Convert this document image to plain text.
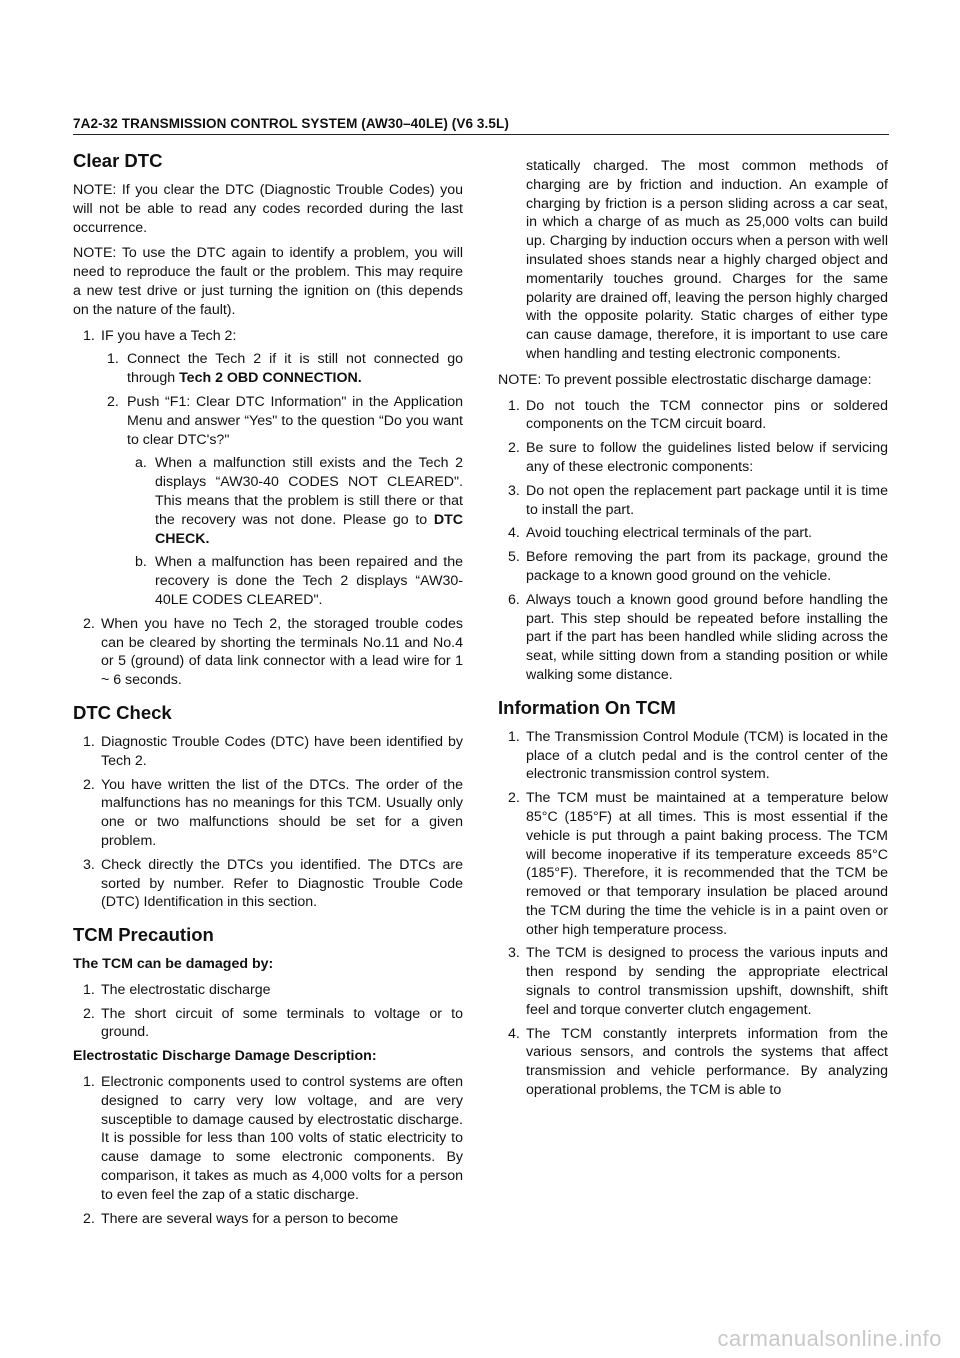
7A2-32 TRANSMISSION CONTROL SYSTEM (AW30–40LE) (V6 3.5L)
Clear DTC

NOTE: If you clear the DTC (Diagnostic Trouble Codes) you will not be able to read any codes recorded during the last occurrence.

NOTE: To use the DTC again to identify a problem, you will need to reproduce the fault or the problem. This may require a new test drive or just turning the ignition on (this depends on the nature of the fault).

1. IF you have a Tech 2:
1. Connect the Tech 2 if it is still not connected go through Tech 2 OBD CONNECTION.
2. Push “F1: Clear DTC Information" in the Application Menu and answer “Yes" to the question “Do you want to clear DTC's?"
a. When a malfunction still exists and the Tech 2 displays “AW30-40 CODES NOT CLEARED". This means that the problem is still there or that the recovery was not done. Please go to DTC CHECK.
b. When a malfunction has been repaired and the recovery is done the Tech 2 displays “AW30-40LE CODES CLEARED".
2. When you have no Tech 2, the storaged trouble codes can be cleared by shorting the terminals No.11 and No.4 or 5 (ground) of data link connector with a lead wire for 1 ~ 6 seconds.
DTC Check
1. Diagnostic Trouble Codes (DTC) have been identified by Tech 2.
2. You have written the list of the DTCs. The order of the malfunctions has no meanings for this TCM. Usually only one or two malfunctions should be set for a given problem.
3. Check directly the DTCs you identified. The DTCs are sorted by number. Refer to Diagnostic Trouble Code (DTC) Identification in this section.
TCM Precaution

The TCM can be damaged by:

1. The electrostatic discharge
2. The short circuit of some terminals to voltage or to ground.

Electrostatic Discharge Damage Description:

1. Electronic components used to control systems are often designed to carry very low voltage, and are very susceptible to damage caused by electrostatic discharge. It is possible for less than 100 volts of static electricity to cause damage to some electronic components. By comparison, it takes as much as 4,000 volts for a person to even feel the zap of a static discharge.
2. There are several ways for a person to become
statically charged. The most common methods of charging are by friction and induction. An example of charging by friction is a person sliding across a car seat, in which a charge of as much as 25,000 volts can build up. Charging by induction occurs when a person with well insulated shoes stands near a highly charged object and momentarily touches ground. Charges for the same polarity are drained off, leaving the person highly charged with the opposite polarity. Static charges of either type can cause damage, therefore, it is important to use care when handling and testing electronic components.

NOTE: To prevent possible electrostatic discharge damage:

1. Do not touch the TCM connector pins or soldered components on the TCM circuit board.
2. Be sure to follow the guidelines listed below if servicing any of these electronic components:
3. Do not open the replacement part package until it is time to install the part.
4. Avoid touching electrical terminals of the part.
5. Before removing the part from its package, ground the package to a known good ground on the vehicle.
6. Always touch a known good ground before handling the part. This step should be repeated before installing the part if the part has been handled while sliding across the seat, while sitting down from a standing position or while walking some distance.
Information On TCM
1. The Transmission Control Module (TCM) is located in the place of a clutch pedal and is the control center of the electronic transmission control system.
2. The TCM must be maintained at a temperature below 85°C (185°F) at all times. This is most essential if the vehicle is put through a paint baking process. The TCM will become inoperative if its temperature exceeds 85°C (185°F). Therefore, it is recommended that the TCM be removed or that temporary insulation be placed around the TCM during the time the vehicle is in a paint oven or other high temperature process.
3. The TCM is designed to process the various inputs and then respond by sending the appropriate electrical signals to control transmission upshift, downshift, shift feel and torque converter clutch engagement.
4. The TCM constantly interprets information from the various sensors, and controls the systems that affect transmission and vehicle performance. By analyzing operational problems, the TCM is able to
carmanualsonline.info
